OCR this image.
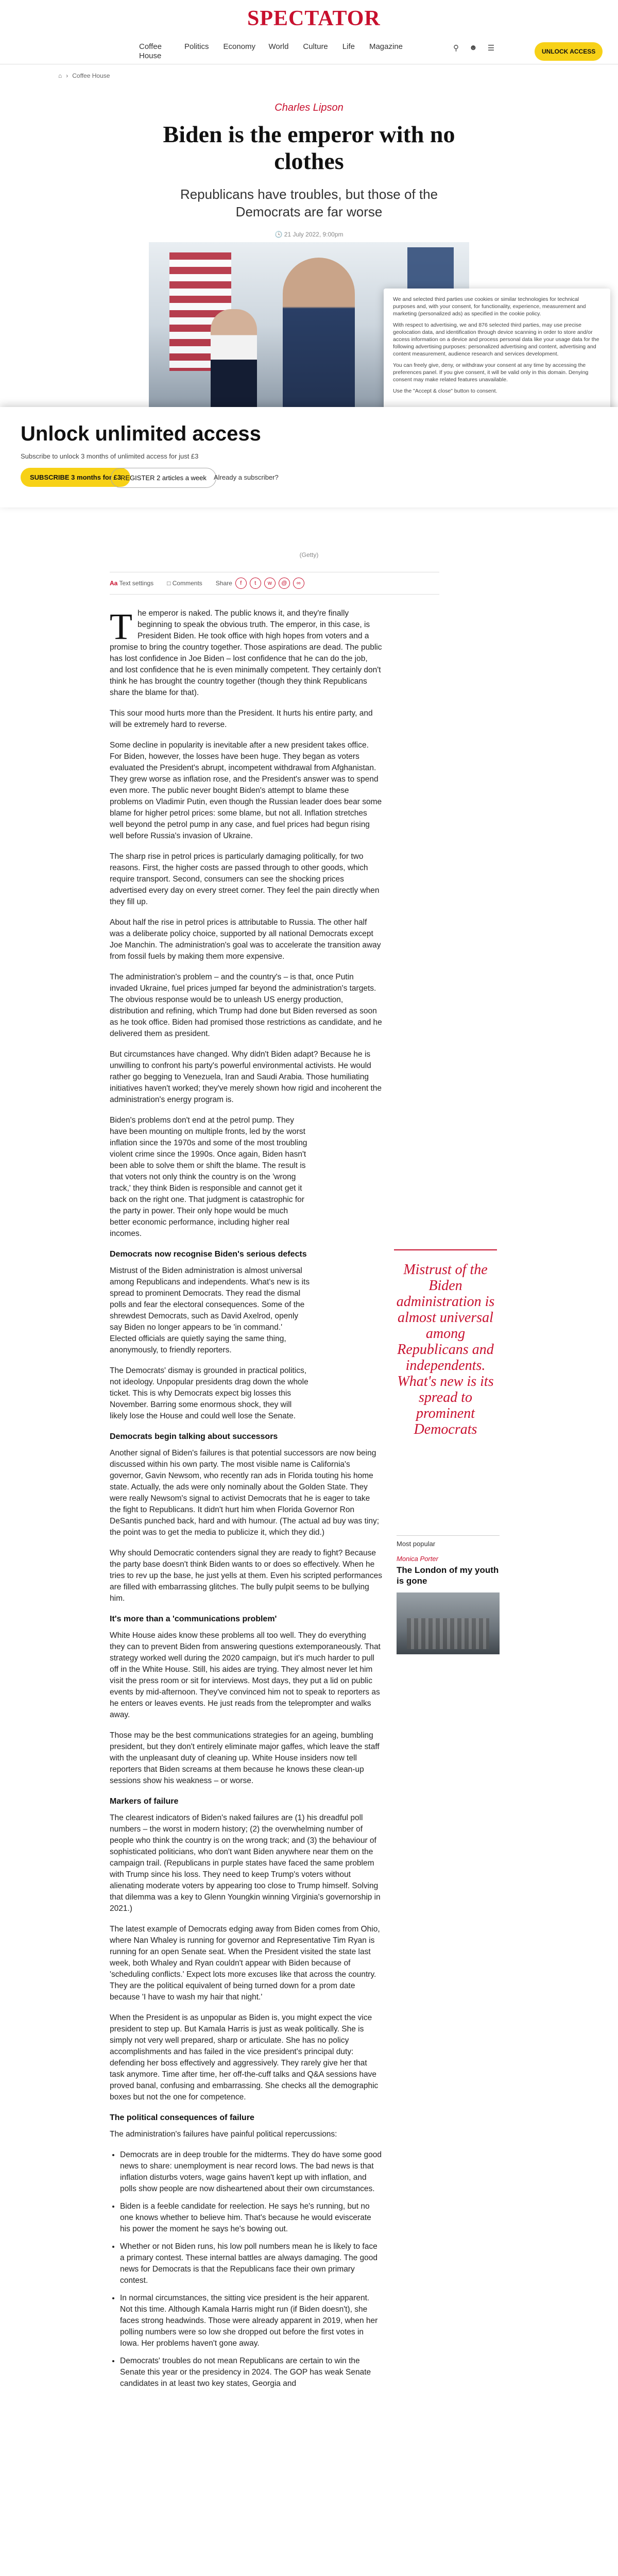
SPECTATOR
Coffee House
Politics Economy World Culture Life Magazine	⚲ ☻ ☰	UNLOCK ACCESS
⌂ › Coffee House
Charles Lipson
Biden is the emperor with no clothes
Republicans have troubles, but those of the Democrats are far worse
🕓 21 July 2022, 9:00pm

We and selected third parties use cookies or similar technologies for technical purposes and, with your consent, for functionality, experience, measurement and marketing (personalized ads) as specified in the cookie policy.

With respect to advertising, we and 876 selected third parties, may use precise geolocation data, and identification through device scanning in order to store and/or access information on a device and process personal data like your usage data for the following advertising purposes: personalized advertising and content, advertising and content measurement, audience research and services development.

You can freely give, deny, or withdraw your consent at any time by accessing the preferences panel. If you give consent, it will be valid only in this domain. Denying consent may make related features unavailable.

Use the "Accept & close" button to consent.

Unlock unlimited access
Subscribe to unlock 3 months of unlimited access for just £3
SUBSCRIBE 3 months for £3 REGISTER 2 articles a week	Already a subscriber?
(Getty)
Aa Text settings □ Comments Share	f	t	w	@	∞

The emperor is naked. The public knows it, and they're finally beginning to speak the obvious truth. The emperor, in this case, is President Biden. He took office with high hopes from voters and a promise to bring the country together. Those aspirations are dead. The public has lost confidence in Joe Biden – lost confidence that he can do the job, and lost confidence that he is even minimally competent. They certainly don't think he has brought the country together (though they think Republicans share the blame for that).

This sour mood hurts more than the President. It hurts his entire party, and will be extremely hard to reverse.

Some decline in popularity is inevitable after a new president takes office. For Biden, however, the losses have been huge. They began as voters evaluated the President's abrupt, incompetent withdrawal from Afghanistan. They grew worse as inflation rose, and the President's answer was to spend even more. The public never bought Biden's attempt to blame these problems on Vladimir Putin, even though the Russian leader does bear some blame for higher petrol prices: some blame, but not all. Inflation stretches well beyond the petrol pump in any case, and fuel prices had begun rising well before Russia's invasion of Ukraine.

The sharp rise in petrol prices is particularly damaging politically, for two reasons. First, the higher costs are passed through to other goods, which require transport. Second, consumers can see the shocking prices advertised every day on every street corner. They feel the pain directly when they fill up.

About half the rise in petrol prices is attributable to Russia. The other half was a deliberate policy choice, supported by all national Democrats except Joe Manchin. The administration's goal was to accelerate the transition away from fossil fuels by making them more expensive.

The administration's problem – and the country's – is that, once Putin invaded Ukraine, fuel prices jumped far beyond the administration's targets. The obvious response would be to unleash US energy production, distribution and refining, which Trump had done but Biden reversed as soon as he took office. Biden had promised those restrictions as candidate, and he delivered them as president.

But circumstances have changed. Why didn't Biden adapt? Because he is unwilling to confront his party's powerful environmental activists. He would rather go begging to Venezuela, Iran and Saudi Arabia. Those humiliating initiatives haven't worked; they've merely shown how rigid and incoherent the administration's energy program is.

Biden's problems don't end at the petrol pump. They have been mounting on multiple fronts, led by the worst inflation since the 1970s and some of the most troubling violent crime since the 1990s. Once again, Biden hasn't been able to solve them or shift the blame. The result is that voters not only think the country is on the 'wrong track,' they think Biden is responsible and cannot get it back on the right one. That judgment is catastrophic for the party in power. Their only hope would be much better economic performance, including higher real incomes.

Democrats now recognise Biden's serious defects

Mistrust of the Biden administration is almost universal among Republicans and independents. What's new is its spread to prominent Democrats. They read the dismal polls and fear the electoral consequences. Some of the shrewdest Democrats, such as David Axelrod, openly say Biden no longer appears to be 'in command.' Elected officials are quietly saying the same thing, anonymously, to friendly reporters.

The Democrats' dismay is grounded in practical politics, not ideology. Unpopular presidents drag down the whole ticket. This is why Democrats expect big losses this November. Barring some enormous shock, they will likely lose the House and could well lose the Senate.

Democrats begin talking about successors

Another signal of Biden's failures is that potential successors are now being discussed within his own party. The most visible name is California's governor, Gavin Newsom, who recently ran ads in Florida touting his home state. Actually, the ads were only nominally about the Golden State. They were really Newsom's signal to activist Democrats that he is eager to take the fight to Republicans. It didn't hurt him when Florida Governor Ron DeSantis punched back, hard and with humour. (The actual ad buy was tiny; the point was to get the media to publicize it, which they did.)

Why should Democratic contenders signal they are ready to fight? Because the party base doesn't think Biden wants to or does so effectively. When he tries to rev up the base, he just yells at them. Even his scripted performances are filled with embarrassing glitches. The bully pulpit seems to be bullying him.

It's more than a 'communications problem'

White House aides know these problems all too well. They do everything they can to prevent Biden from answering questions extemporaneously. That strategy worked well during the 2020 campaign, but it's much harder to pull off in the White House. Still, his aides are trying. They almost never let him visit the press room or sit for interviews. Most days, they put a lid on public events by mid-afternoon. They've convinced him not to speak to reporters as he enters or leaves events. He just reads from the teleprompter and walks away.

Those may be the best communications strategies for an ageing, bumbling president, but they don't entirely eliminate major gaffes, which leave the staff with the unpleasant duty of cleaning up. White House insiders now tell reporters that Biden screams at them because he knows these clean-up sessions show his weakness – or worse.

Markers of failure

The clearest indicators of Biden's naked failures are (1) his dreadful poll numbers – the worst in modern history; (2) the overwhelming number of people who think the country is on the wrong track; and (3) the behaviour of sophisticated politicians, who don't want Biden anywhere near them on the campaign trail. (Republicans in purple states have faced the same problem with Trump since his loss. They need to keep Trump's voters without alienating moderate voters by appearing too close to Trump himself. Solving that dilemma was a key to Glenn Youngkin winning Virginia's governorship in 2021.)

The latest example of Democrats edging away from Biden comes from Ohio, where Nan Whaley is running for governor and Representative Tim Ryan is running for an open Senate seat. When the President visited the state last week, both Whaley and Ryan couldn't appear with Biden because of 'scheduling conflicts.' Expect lots more excuses like that across the country. They are the political equivalent of being turned down for a prom date because 'I have to wash my hair that night.'

When the President is as unpopular as Biden is, you might expect the vice president to step up. But Kamala Harris is just as weak politically. She is simply not very well prepared, sharp or articulate. She has no policy accomplishments and has failed in the vice president's principal duty: defending her boss effectively and aggressively. They rarely give her that task anymore. Time after time, her off-the-cuff talks and Q&A sessions have proved banal, confusing and embarrassing. She checks all the demographic boxes but not the one for competence.

The political consequences of failure

The administration's failures have painful political repercussions:

• Democrats are in deep trouble for the midterms. They do have some good news to share: unemployment is near record lows. The bad news is that inflation disturbs voters, wage gains haven't kept up with inflation, and polls show people are now disheartened about their own circumstances.
• Biden is a feeble candidate for reelection. He says he's running, but no one knows whether to believe him. That's because he would eviscerate his power the moment he says he's bowing out.
• Whether or not Biden runs, his low poll numbers mean he is likely to face a primary contest. These internal battles are always damaging. The good news for Democrats is that the Republicans face their own primary contest.
• In normal circumstances, the sitting vice president is the heir apparent. Not this time. Although Kamala Harris might run (if Biden doesn't), she faces strong headwinds. Those were already apparent in 2019, when her polling numbers were so low she dropped out before the first votes in Iowa. Her problems haven't gone away.
• Democrats' troubles do not mean Republicans are certain to win the Senate this year or the presidency in 2024. The GOP has weak Senate candidates in at least two key states, Georgia and
Mistrust of the Biden administration is almost universal among Republicans and independents. What's new is its spread to prominent Democrats
Most popular
Monica Porter
The London of my youth is gone
